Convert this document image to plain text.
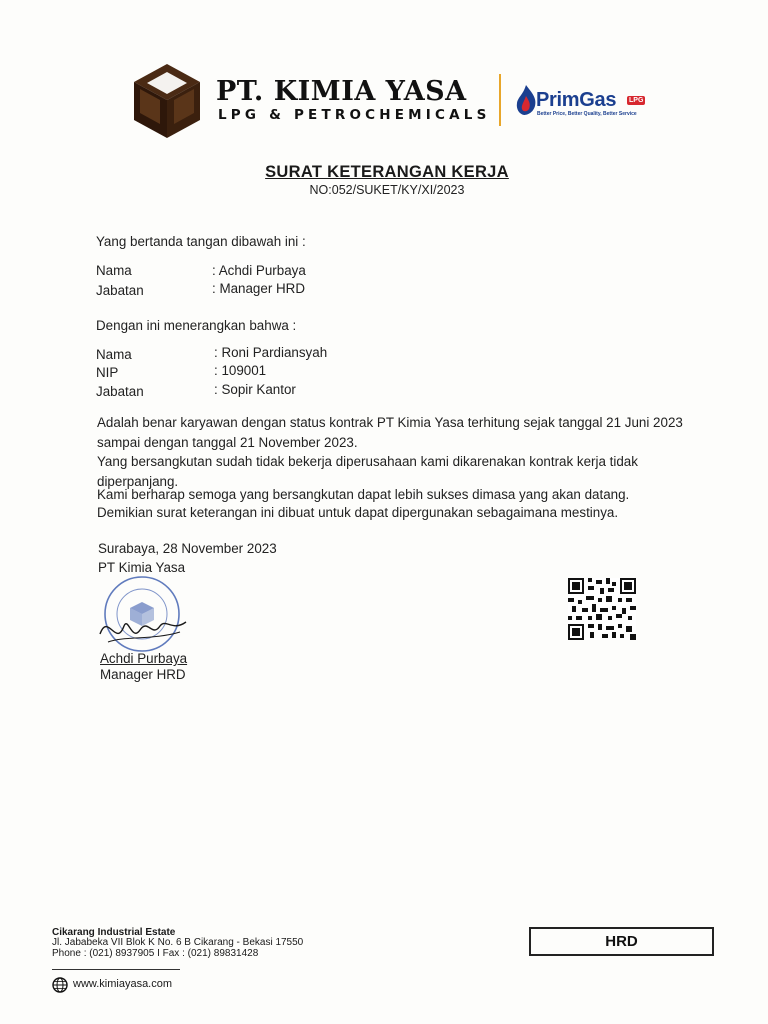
PT. KIMIA YASA
LPG & PETROCHEMICALS
PrimGas LPG
Better Price, Better Quality, Better Service
SURAT KETERANGAN KERJA
NO:052/SUKET/KY/XI/2023
Yang bertanda tangan dibawah ini :
Nama	: Achdi Purbaya
Jabatan	: Manager HRD
Dengan ini menerangkan bahwa :
Nama	: Roni Pardiansyah
NIP	: 109001
Jabatan	: Sopir Kantor
Adalah benar karyawan dengan status kontrak PT Kimia Yasa terhitung sejak tanggal 21 Juni 2023 sampai dengan tanggal 21 November 2023.
Yang bersangkutan sudah tidak bekerja diperusahaan kami dikarenakan kontrak kerja tidak diperpanjang.
Kami berharap semoga yang bersangkutan dapat lebih sukses dimasa yang akan datang.
Demikian surat keterangan ini dibuat untuk dapat dipergunakan sebagaimana mestinya.
Surabaya, 28 November 2023
PT Kimia Yasa
Achdi Purbaya
Manager HRD
Cikarang Industrial Estate
Jl. Jababeka VII Blok K No. 6 B Cikarang - Bekasi 17550
Phone : (021) 8937905 I Fax : (021) 89831428
www.kimiayasa.com
HRD
